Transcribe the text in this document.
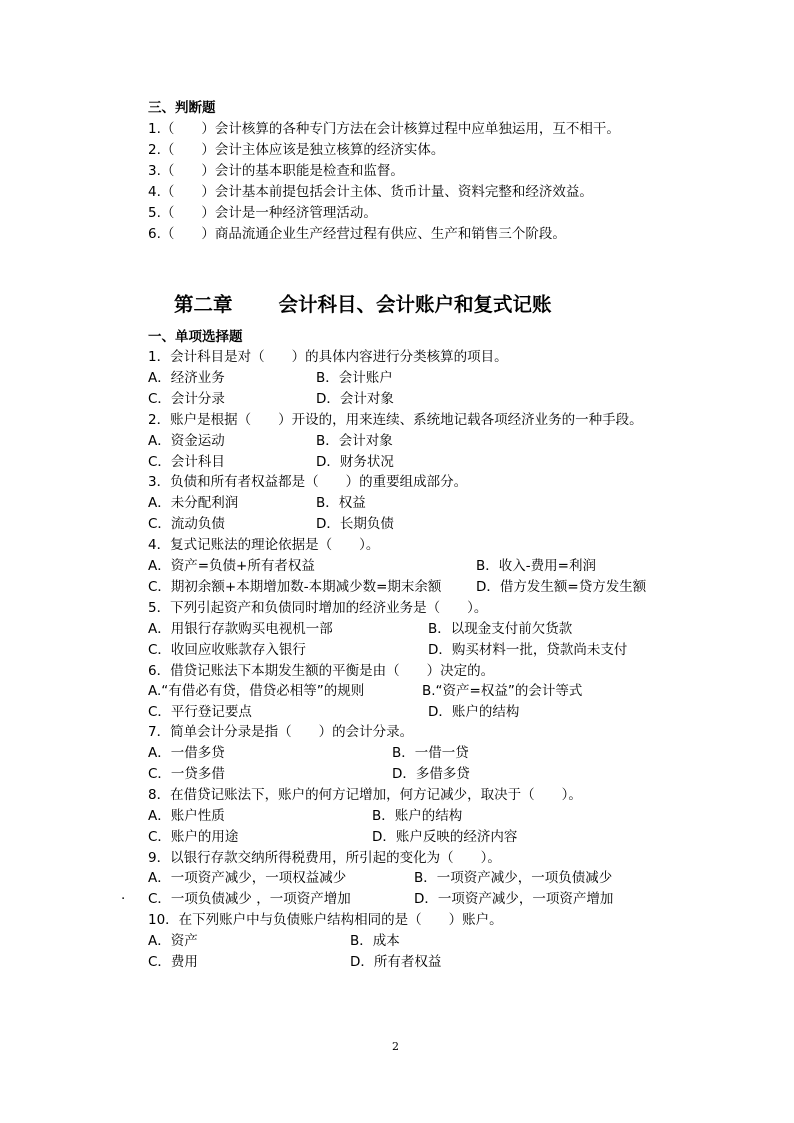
三、判断题
1.（　　）会计核算的各种专门方法在会计核算过程中应单独运用，互不相干。
2.（　　）会计主体应该是独立核算的经济实体。
3.（　　）会计的基本职能是检查和监督。
4.（　　）会计基本前提包括会计主体、货币计量、资料完整和经济效益。
5.（　　）会计是一种经济管理活动。
6.（　　）商品流通企业生产经营过程有供应、生产和销售三个阶段。
第二章 会计科目、会计账户和复式记账
一、单项选择题
1．会计科目是对（　　）的具体内容进行分类核算的项目。
A．经济业务	B．会计账户
C．会计分录	D．会计对象
2．账户是根据（　　）开设的，用来连续、系统地记载各项经济业务的一种手段。
A．资金运动	B．会计对象
C．会计科目	D．财务状况
3．负债和所有者权益都是（　　）的重要组成部分。
A．未分配利润	B．权益
C．流动负债	D．长期负债
4．复式记账法的理论依据是（　　）。
A．资产=负债+所有者权益	B．收入-费用=利润
C．期初余额+本期增加数-本期减少数=期末余额	D．借方发生额=贷方发生额
5．下列引起资产和负债同时增加的经济业务是（　　）。
A．用银行存款购买电视机一部	B．以现金支付前欠货款
C．收回应收账款存入银行	D．购买材料一批，贷款尚未支付
6．借贷记账法下本期发生额的平衡是由（　　）决定的。
A.“有借必有贷，借贷必相等”的规则	B.“资产=权益”的会计等式
C．平行登记要点	D．账户的结构
7．简单会计分录是指（　　）的会计分录。
A．一借多贷	B．一借一贷
C．一贷多借	D．多借多贷
8．在借贷记账法下，账户的何方记增加，何方记减少，取决于（　　）。
A．账户性质	B．账户的结构
C．账户的用途	D．账户反映的经济内容
9．以银行存款交纳所得税费用，所引起的变化为（　　）。
A．一项资产减少，一项权益减少	B．一项资产减少，一项负债减少
. C．一项负债减少 ，一项资产增加	D．一项资产减少，一项资产增加
10．在下列账户中与负债账户结构相同的是（　　）账户。
A．资产	B．成本
C．费用	D．所有者权益
2
